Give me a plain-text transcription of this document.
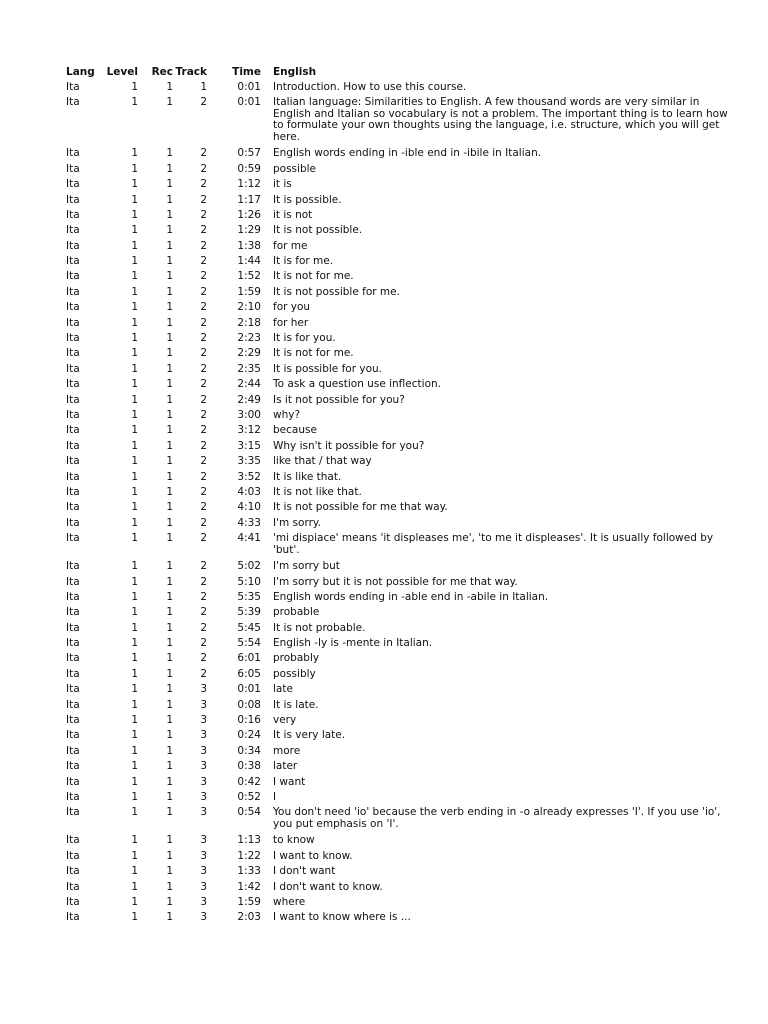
Lang	Level	Rec	Track	Time	English
Ita	1	1	1	0:01	Introduction. How to use this course.
Ita	1	1	2	0:01	Italian language: Similarities to English. A few thousand words are very similar in English and Italian so vocabulary is not a problem. The important thing is to learn how to formulate your own thoughts using the language, i.e. structure, which you will get here.
Ita	1	1	2	0:57	English words ending in -ible end in -ibile in Italian.
Ita	1	1	2	0:59	possible
Ita	1	1	2	1:12	it is
Ita	1	1	2	1:17	It is possible.
Ita	1	1	2	1:26	it is not
Ita	1	1	2	1:29	It is not possible.
Ita	1	1	2	1:38	for me
Ita	1	1	2	1:44	It is for me.
Ita	1	1	2	1:52	It is not for me.
Ita	1	1	2	1:59	It is not possible for me.
Ita	1	1	2	2:10	for you
Ita	1	1	2	2:18	for her
Ita	1	1	2	2:23	It is for you.
Ita	1	1	2	2:29	It is not for me.
Ita	1	1	2	2:35	It is possible for you.
Ita	1	1	2	2:44	To ask a question use inflection.
Ita	1	1	2	2:49	Is it not possible for you?
Ita	1	1	2	3:00	why?
Ita	1	1	2	3:12	because
Ita	1	1	2	3:15	Why isn't it possible for you?
Ita	1	1	2	3:35	like that / that way
Ita	1	1	2	3:52	It is like that.
Ita	1	1	2	4:03	It is not like that.
Ita	1	1	2	4:10	It is not possible for me that way.
Ita	1	1	2	4:33	I'm sorry.
Ita	1	1	2	4:41	'mi dispiace' means 'it displeases me', 'to me it displeases'. It is usually followed by 'but'.
Ita	1	1	2	5:02	I'm sorry but
Ita	1	1	2	5:10	I'm sorry but it is not possible for me that way.
Ita	1	1	2	5:35	English words ending in -able end in -abile in Italian.
Ita	1	1	2	5:39	probable
Ita	1	1	2	5:45	It is not probable.
Ita	1	1	2	5:54	English -ly is -mente in Italian.
Ita	1	1	2	6:01	probably
Ita	1	1	2	6:05	possibly
Ita	1	1	3	0:01	late
Ita	1	1	3	0:08	It is late.
Ita	1	1	3	0:16	very
Ita	1	1	3	0:24	It is very late.
Ita	1	1	3	0:34	more
Ita	1	1	3	0:38	later
Ita	1	1	3	0:42	I want
Ita	1	1	3	0:52	I
Ita	1	1	3	0:54	You don't need 'io' because the verb ending in -o already expresses 'I'. If you use 'io', you put emphasis on 'I'.
Ita	1	1	3	1:13	to know
Ita	1	1	3	1:22	I want to know.
Ita	1	1	3	1:33	I don't want
Ita	1	1	3	1:42	I don't want to know.
Ita	1	1	3	1:59	where
Ita	1	1	3	2:03	I want to know where is ...
